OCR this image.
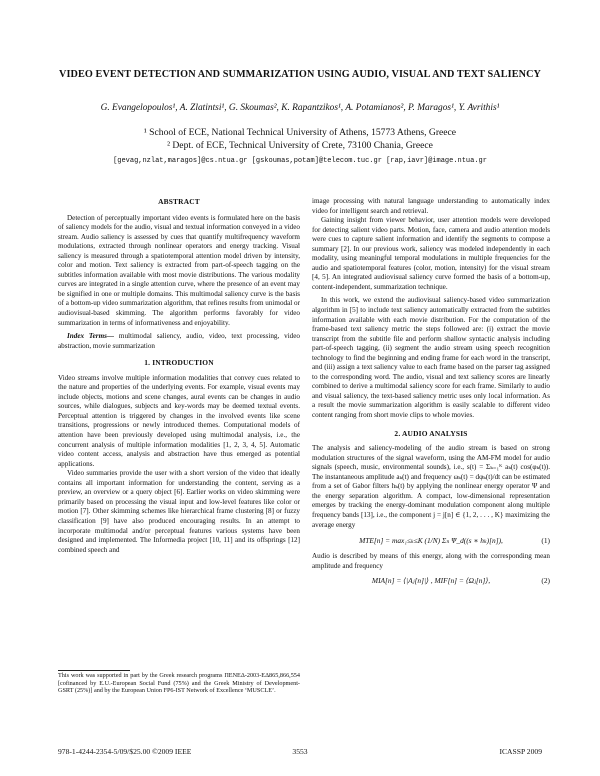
VIDEO EVENT DETECTION AND SUMMARIZATION USING AUDIO, VISUAL AND TEXT SALIENCY
G. Evangelopoulos¹, A. Zlatintsi¹, G. Skoumas², K. Rapantzikos¹, A. Potamianos², P. Maragos¹, Y. Avrithis¹
¹ School of ECE, National Technical University of Athens, 15773 Athens, Greece
² Dept. of ECE, Technical University of Crete, 73100 Chania, Greece
[gevag,nzlat,maragos]@cs.ntua.gr [gskoumas,potam]@telecom.tuc.gr [rap,iavr]@image.ntua.gr

ABSTRACT

Detection of perceptually important video events is formulated here on the basis of saliency models for the audio, visual and textual information conveyed in a video stream. Audio saliency is assessed by cues that quantify multifrequency waveform modulations, extracted through nonlinear operators and energy tracking. Visual saliency is measured through a spatiotemporal attention model driven by intensity, color and motion. Text saliency is extracted from part-of-speech tagging on the subtitles information available with most movie distributions. The various modality curves are integrated in a single attention curve, where the presence of an event may be signified in one or multiple domains. This multimodal saliency curve is the basis of a bottom-up video summarization algorithm, that refines results from unimodal or audiovisual-based skimming. The algorithm performs favorably for video summarization in terms of informativeness and enjoyability.

Index Terms— multimodal saliency, audio, video, text processing, video abstraction, movie summarization

1. INTRODUCTION

Video streams involve multiple information modalities that convey cues related to the nature and properties of the underlying events. For example, visual events may include objects, motions and scene changes, aural events can be changes in audio sources, while dialogues, subjects and key-words may be deemed textual events. Perceptual attention is triggered by changes in the involved events like scene transitions, progressions or newly introduced themes. Computational models of attention have been previously developed using multimodal analysis, i.e., the concurrent analysis of multiple information modalities [1, 2, 3, 4, 5]. Automatic video content access, analysis and abstraction have thus emerged as potential applications.

Video summaries provide the user with a short version of the video that ideally contains all important information for understanding the content, serving as a preview, an overview or a query object [6]. Earlier works on video skimming were primarily based on processing the visual input and low-level features like color or motion [7]. Other skimming schemes like hierarchical frame clustering [8] or fuzzy classification [9] have also produced encouraging results. In an attempt to incorporate multimodal and/or perceptual features various systems have been designed and implemented. The Informedia project [10, 11] and its offsprings [12] combined speech and

This work was supported in part by the Greek research programs ΠΕΝΕΔ-2003-ΕΔ865,866,554 [cofinanced by E.U.-European Social Fund (75%) and the Greek Ministry of Development-GSRT (25%)] and by the European Union FP6-IST Network of Excellence ‘MUSCLE’.

image processing with natural language understanding to automatically index video for intelligent search and retrieval.

Gaining insight from viewer behavior, user attention models were developed for detecting salient video parts. Motion, face, camera and audio attention models were cues to capture salient information and identify the segments to compose a summary [2]. In our previous work, saliency was modeled independently in each modality, using meaningful temporal modulations in multiple frequencies for the audio and spatiotemporal features (color, motion, intensity) for the visual stream [4, 5]. An integrated audiovisual saliency curve formed the basis of a bottom-up, content-independent, summarization technique.

In this work, we extend the audiovisual saliency-based video summarization algorithm in [5] to include text saliency automatically extracted from the subtitles information available with each movie distribution. For the computation of the frame-based text saliency metric the steps followed are: (i) extract the movie transcript from the subtitle file and perform shallow syntactic analysis including part-of-speech tagging, (ii) segment the audio stream using speech recognition technology to find the beginning and ending frame for each word in the transcript, and (iii) assign a text saliency value to each frame based on the parser tag assigned to the corresponding word. The audio, visual and text saliency scores are linearly combined to derive a multimodal saliency score for each frame. Similarly to audio and visual saliency, the text-based saliency metric uses only local information. As a result the movie summarization algorithm is easily scalable to different video content ranging from short movie clips to whole movies.

2. AUDIO ANALYSIS

The analysis and saliency-modeling of the audio stream is based on strong modulation structures of the signal waveform, using the AM-FM model for audio signals (speech, music, environmental sounds), i.e., s(t) = Σₖ₌₁ᴷ aₖ(t) cos(φₖ(t)). The instantaneous amplitude aₖ(t) and frequency ωₖ(t) = dφₖ(t)/dt can be estimated from a set of Gabor filters hₖ(t) by applying the nonlinear energy operator Ψ and the energy separation algorithm. A compact, low-dimensional representation emerges by tracking the energy-dominant modulation component along multiple frequency bands [13], i.e., the component j = j[n] ∈ {1, 2, . . . , K} maximizing the average energy

MTE[n] = max₁≤ₖ≤K (1/N) Σₙ Ψ_d((s ∗ hₖ)[n]),	(1)

Audio is described by means of this energy, along with the corresponding mean amplitude and frequency

MIA[n] = ⟨|Aⱼ[n]|⟩ , MIF[n] = ⟨Ωⱼ[n]⟩,	(2)
978-1-4244-2354-5/09/$25.00 ©2009 IEEE	3553	ICASSP 2009
